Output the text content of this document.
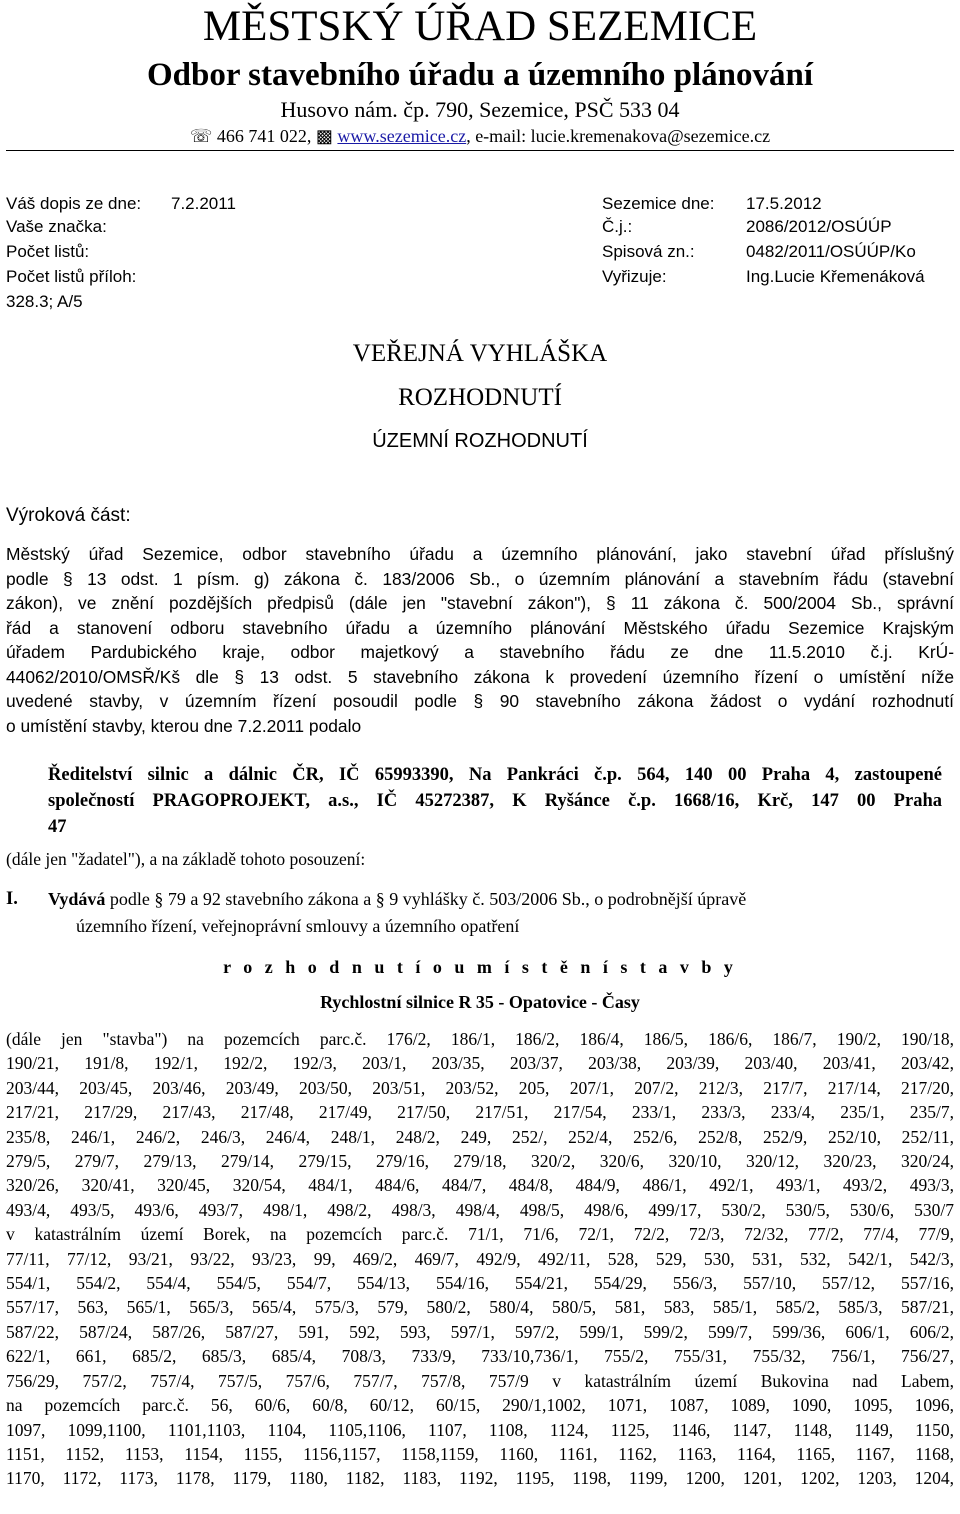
MĚSTSKÝ ÚŘAD SEZEMICE
Odbor stavebního úřadu a územního plánování
Husovo nám. čp. 790, Sezemice, PSČ 533 04
☏ 466 741 022, ▩ www.sezemice.cz, e-mail: lucie.kremenakova@sezemice.cz
Váš dopis ze dne: 7.2.2011
Vaše značka:
Počet listů:
Počet listů příloh:
328.3; A/5
Sezemice dne: 17.5.2012
Č.j.:	2086/2012/OSÚÚP
Spisová zn.:	0482/2011/OSÚÚP/Ko
Vyřizuje:	Ing.Lucie Křemenáková
VEŘEJNÁ VYHLÁŠKA
ROZHODNUTÍ
ÚZEMNÍ ROZHODNUTÍ
Výroková část:
Městský úřad Sezemice, odbor stavebního úřadu a územního plánování, jako stavební úřad příslušný
podle § 13 odst. 1 písm. g) zákona č. 183/2006 Sb., o územním plánování a stavebním řádu (stavební
zákon), ve znění pozdějších předpisů (dále jen "stavební zákon"), § 11 zákona č. 500/2004 Sb., správní
řád a stanovení odboru stavebního úřadu a územního plánování Městského úřadu Sezemice Krajským
úřadem Pardubického kraje, odbor majetkový a stavebního řádu ze dne 11.5.2010 č.j. KrÚ-
44062/2010/OMSŘ/Kš dle § 13 odst. 5 stavebního zákona k provedení územního řízení o umístění níže
uvedené stavby, v územním řízení posoudil podle § 90 stavebního zákona žádost o vydání rozhodnutí
o umístění stavby, kterou dne 7.2.2011 podalo
Ředitelství silnic a dálnic ČR, IČ 65993390, Na Pankráci č.p. 564, 140 00 Praha 4, zastoupené
společností PRAGOPROJEKT, a.s., IČ 45272387, K Ryšánce č.p. 1668/16, Krč, 147 00 Praha
47
(dále jen "žadatel"), a na základě tohoto posouzení:
I. Vydává podle § 79 a 92 stavebního zákona a § 9 vyhlášky č. 503/2006 Sb., o podrobnější úpravě
územního řízení, veřejnoprávní smlouvy a územního opatření
r o z h o d n u t í o u m í s t ě n í s t a v b y
Rychlostní silnice R 35 - Opatovice - Časy
(dále jen "stavba") na pozemcích parc.č. 176/2, 186/1, 186/2, 186/4, 186/5, 186/6, 186/7, 190/2, 190/18,
190/21, 191/8, 192/1, 192/2, 192/3, 203/1, 203/35, 203/37, 203/38, 203/39, 203/40, 203/41, 203/42,
203/44, 203/45, 203/46, 203/49, 203/50, 203/51, 203/52, 205, 207/1, 207/2, 212/3, 217/7, 217/14, 217/20,
217/21, 217/29, 217/43, 217/48, 217/49, 217/50, 217/51, 217/54, 233/1, 233/3, 233/4, 235/1, 235/7,
235/8, 246/1, 246/2, 246/3, 246/4, 248/1, 248/2, 249, 252/, 252/4, 252/6, 252/8, 252/9, 252/10, 252/11,
279/5, 279/7, 279/13, 279/14, 279/15, 279/16, 279/18, 320/2, 320/6, 320/10, 320/12, 320/23, 320/24,
320/26, 320/41, 320/45, 320/54, 484/1, 484/6, 484/7, 484/8, 484/9, 486/1, 492/1, 493/1, 493/2, 493/3,
493/4, 493/5, 493/6, 493/7, 498/1, 498/2, 498/3, 498/4, 498/5, 498/6, 499/17, 530/2, 530/5, 530/6, 530/7
v katastrálním území Borek, na pozemcích parc.č. 71/1, 71/6, 72/1, 72/2, 72/3, 72/32, 77/2, 77/4, 77/9,
77/11, 77/12, 93/21, 93/22, 93/23, 99, 469/2, 469/7, 492/9, 492/11, 528, 529, 530, 531, 532, 542/1, 542/3,
554/1, 554/2, 554/4, 554/5, 554/7, 554/13, 554/16, 554/21, 554/29, 556/3, 557/10, 557/12, 557/16,
557/17, 563, 565/1, 565/3, 565/4, 575/3, 579, 580/2, 580/4, 580/5, 581, 583, 585/1, 585/2, 585/3, 587/21,
587/22, 587/24, 587/26, 587/27, 591, 592, 593, 597/1, 597/2, 599/1, 599/2, 599/7, 599/36, 606/1, 606/2,
622/1, 661, 685/2, 685/3, 685/4, 708/3, 733/9, 733/10,736/1, 755/2, 755/31, 755/32, 756/1, 756/27,
756/29, 757/2, 757/4, 757/5, 757/6, 757/7, 757/8, 757/9 v katastrálním území Bukovina nad Labem,
na pozemcích parc.č. 56, 60/6, 60/8, 60/12, 60/15, 290/1,1002, 1071, 1087, 1089, 1090, 1095, 1096,
1097, 1099,1100, 1101,1103, 1104, 1105,1106, 1107, 1108, 1124, 1125, 1146, 1147, 1148, 1149, 1150,
1151, 1152, 1153, 1154, 1155, 1156,1157, 1158,1159, 1160, 1161, 1162, 1163, 1164, 1165, 1167, 1168,
1170, 1172, 1173, 1178, 1179, 1180, 1182, 1183, 1192, 1195, 1198, 1199, 1200, 1201, 1202, 1203, 1204,
